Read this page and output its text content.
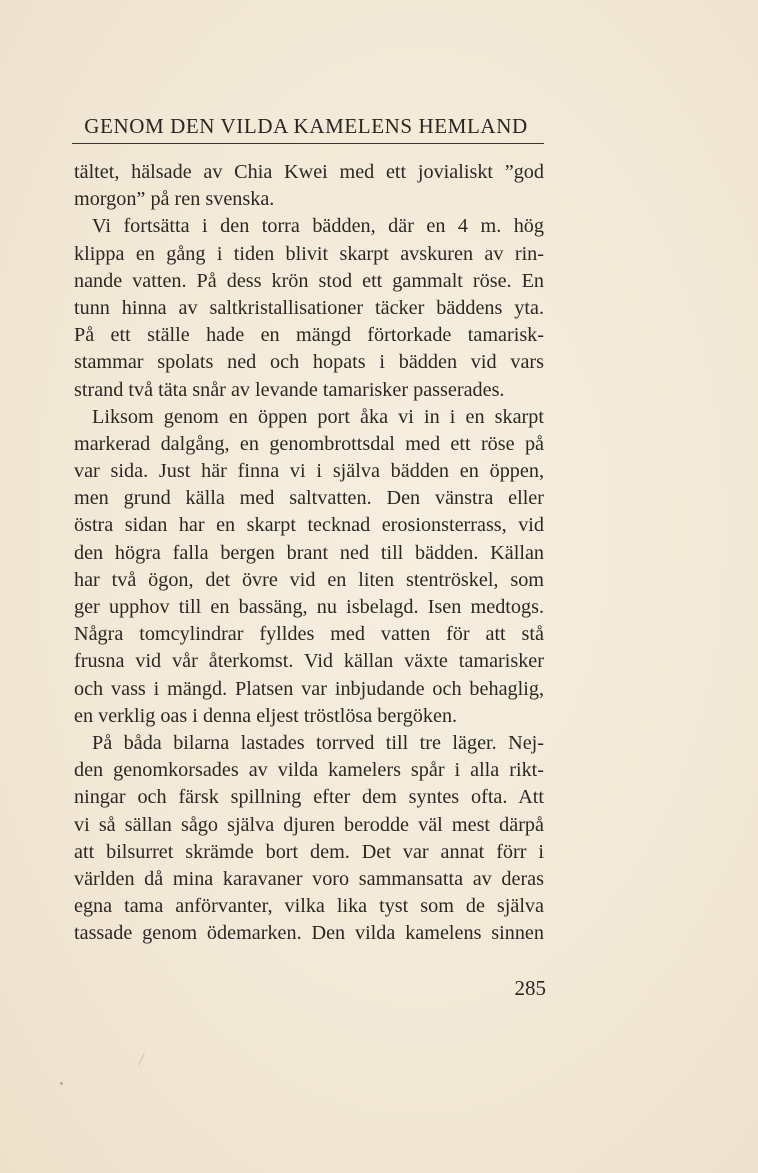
GENOM DEN VILDA KAMELENS HEMLAND
tältet, hälsade av Chia Kwei med ett jovialiskt ”god
morgon” på ren svenska.
Vi fortsätta i den torra bädden, där en 4 m. hög
klippa en gång i tiden blivit skarpt avskuren av rin-
nande vatten. På dess krön stod ett gammalt röse. En
tunn hinna av saltkristallisationer täcker bäddens yta.
På ett ställe hade en mängd förtorkade tamarisk-
stammar spolats ned och hopats i bädden vid vars
strand två täta snår av levande tamarisker passerades.
Liksom genom en öppen port åka vi in i en skarpt
markerad dalgång, en genombrottsdal med ett röse på
var sida. Just här finna vi i själva bädden en öppen,
men grund källa med saltvatten. Den vänstra eller
östra sidan har en skarpt tecknad erosionsterrass, vid
den högra falla bergen brant ned till bädden. Källan
har två ögon, det övre vid en liten stentröskel, som
ger upphov till en bassäng, nu isbelagd. Isen medtogs.
Några tomcylindrar fylldes med vatten för att stå
frusna vid vår återkomst. Vid källan växte tamarisker
och vass i mängd. Platsen var inbjudande och behaglig,
en verklig oas i denna eljest tröstlösa bergöken.
På båda bilarna lastades torrved till tre läger. Nej-
den genomkorsades av vilda kamelers spår i alla rikt-
ningar och färsk spillning efter dem syntes ofta. Att
vi så sällan sågo själva djuren berodde väl mest därpå
att bilsurret skrämde bort dem. Det var annat förr i
världen då mina karavaner voro sammansatta av deras
egna tama anförvanter, vilka lika tyst som de själva
tassade genom ödemarken. Den vilda kamelens sinnen
285
